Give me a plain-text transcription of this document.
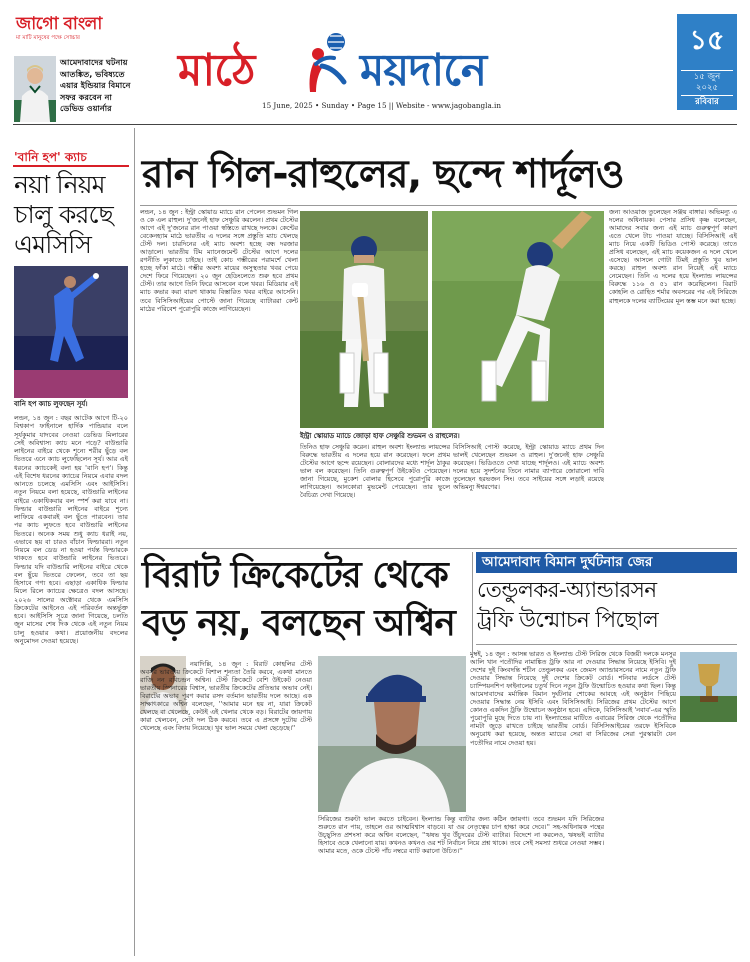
জাগো বাংলা
মা মাটি মানুষের পক্ষে সোচ্চার
আমেদাবাদের ঘটনায় আতঙ্কিত, ভবিষ্যতে এয়ার ইন্ডিয়ার বিমানে সফর করবেন না ডেভিড ওয়ার্নার
মাঠে ময়দানে
15 June, 2025 • Sunday • Page 15 || Website - www.jagobangla.in
১৫
১৫ জুন ২০২৫
রবিবার
'বানি হপ' ক্যাচ
নয়া নিয়ম চালু করছে এমসিসি
বানি হপ ক্যাচ লুফছেন সূর্য।
লন্ডন, ১৪ জুন : বছর আটেক আগে টি-২০ বিশ্বকাপ ফাইনালে হার্দিক পান্ডিয়ার বলে সূর্যকুমার যাদবের নেওয়া ডেভিড মিলারের সেই অবিশ্বাস্য ক্যাচ মনে পড়ে? বাউন্ডারি লাইনের বাইরে থেকে শূন্যে শরীর ছুঁড়ে বল ভিতরে এনে ক্যাচ লুফেছিলেন সূর্য। আর এই ধরনের ক্যাচকেই বলা হয় 'বানি হপ'। কিন্তু এই বিশেষ ধরনের ক্যাচের নিয়মে এবার বদল আনতে চলেছে এমসিসি এবং আইসিসি। নতুন নিয়মে বলা হয়েছে, বাউন্ডারি লাইনের বাইরে একাধিকবার বল স্পর্শ করা যাবে না। ফিল্ডার বাউন্ডারি লাইনের বাইরে শূন্যে লাফিয়ে একবারই বল ছুঁতে পারবেন। তার পর ক্যাচ লুফতে হবে বাউন্ডারি লাইনের ভিতরে। অনেক সময় শুধু ক্যাচ ধরাই নয়, এভাবে ছয় বা চারও বাঁচান ফিল্ডাররা। নতুন নিয়মে বল ডেড না হওয়া পর্যন্ত ফিল্ডারকে থাকতে হবে বাউন্ডারি লাইনের ভিতরে। ফিল্ডার যদি বাউন্ডারি লাইনের বাইরে থেকে বল ছুঁয়ে ভিতরে ফেলেন, তবে তা ছয় হিসাবে গণ্য হবে। এছাড়া একাধিক ফিল্ডার মিলে রিলে ক্যাচের ক্ষেত্রেও বদল আসছে। ২০২৬ সালের অক্টোবর থেকে এমসিসি ক্রিকেটের আইনেও এই পরিবর্তন অন্তর্ভুক্ত হবে। আইসিসি সূত্রে জানা গিয়েছে, চলতি জুন মাসের শেষ দিক থেকে এই নতুন নিয়ম চালু হওয়ার কথা। প্রয়োজনীয় বদলের অনুমোদন দেওয়া হয়েছে।
রান গিল-রাহুলের, ছন্দে শার্দূলও
লন্ডন, ১৪ জুন : ইন্ট্রা স্কোয়াড ম্যাচে রান পেলেন শুভমন গিল ও কে এল রাহুল। দু'জনেই হাফ সেঞ্চুরি করলেন। প্রথম টেস্টের আগে এই দু'জনের রান পাওয়া স্বস্তিতে রাখছে দলকে। কেন্টের বেকেনহ্যাম মাঠে ভারতীয় এ দলের সঙ্গে প্রস্তুতি ম্যাচ খেলছে টেস্ট দল। চারদিনের এই ম্যাচ অবশ্য হচ্ছে বন্ধ দরজার আড়ালে। ভারতীয় টিম ম্যানেজমেন্ট টেস্টের আগে দলের রণনীতি লুকাতে চাইছে। তাই কোচ গম্ভীরের পরামর্শে খেলা হচ্ছে ফাঁকা মাঠে। গম্ভীর অবশ্য মায়ের অসুস্থতার খবর পেয়ে দেশে ফিরে গিয়েছেন। ২০ জুন হেডিংলেতে শুরু হবে প্রথম টেস্ট। তার আগে তিনি ফিরে আসবেন বলে খবর। মিডিয়ার এই ম্যাচ কভার করা বারণ থাকায় বিস্তারিত খবর বাইরে আসেনি। তবে বিসিসিআইয়ের পোস্টে জানা গিয়েছে ব্যাটাররা কেন্ট মাঠের পরিবেশ পুরোপুরি কাজে লাগিয়েছেন।
ইন্ট্রা স্কোয়াড ম্যাচে জোড়া হাফ সেঞ্চুরি শুভমন ও রাহুলের।
তিনিও হাফ সেঞ্চুরি করেন। রাহুল অবশ্য ইংল্যান্ড লায়ন্সের বিরুদ্ধে ভারতীয় এ দলের হয়ে রান করেছেন। ফলে প্রথম টেস্টের আগে ছন্দে রয়েছেন। বোলারদের মধ্যে শার্দূল ঠাকুর ভাল বল করেছেন। তিনি গুরুত্বপূর্ণ উইকেটও পেয়েছেন। জানা গিয়েছে, মুকেশ বোলার হিসেবে পুরোপুরি কাজে লাগিয়েছেন। আনকোরা মুভমেন্ট পেয়েছেন। তার ভুলে বৈচিত্র্য দেখা গিয়েছে।
বিসিসিআই পোস্ট করেছে, ইন্ট্রা স্কোয়াড ম্যাচে প্রথম দিন ভালই খেলেছেন শুভমন ও রাহুল। দু'জনেই হাফ সেঞ্চুরি করেছেন। ভিডিওতে দেখা যাচ্ছে শার্দূলও। এই ম্যাচে অবশ্য দলের হয়ে সুদর্শনের তিনে নামার ব্যাপারে জোরালো দাবি তুলেছেন হরভজন সিং। তবে সাইয়ের সঙ্গে লড়াই রয়েছে অভিমন্যু ঈশ্বরণের।
জন্য আওয়াজ তুলেছেন সঞ্জয় বাঙ্গার। অভিমন্যু এ দলের অধিনায়ক। পেসার প্রসিধ কৃষ্ণ বলেছেন, আমাদের সবার জন্য এই ম্যাচ গুরুত্বপূর্ণ কারণ এতে খেলে টাচ পাওয়া যাচ্ছে। বিসিসিআই এই ম্যাচ নিয়ে একটি ভিডিও পোস্ট করেছে। তাতে প্রসিধ বলেছেন, এই ম্যাচ কয়েকজন এ দলে খেলে এসেছে। আসলে গোটা টিমই প্রস্তুতি খুব ভাল করছে। রাহুল অবশ্য রান নিয়েই এই ম্যাচে নেমেছেন। তিনি এ দলের হয়ে ইংল্যান্ড লায়ন্সের বিরুদ্ধে ১১৬ ও ৫১ রান করেছিলেন। বিরাট কোহলি ও রোহিত শর্মার অবসরের পর এই সিরিজে রাহুলকে দলের ব্যাটিংয়ের মূল স্তম্ভ মনে করা হচ্ছে।
বিরাট ক্রিকেটের থেকে
বড় নয়, বলছেন অশ্বিন
নয়াদিল্লি, ১৪ জুন : বিরাট কোহলির টেস্ট অবসর ভারতীয় ক্রিকেটে বিশাল শূন্যতা তৈরি করবে, একথা মানতে রাজি নন রবিচন্দ্রন অশ্বিন। টেস্ট ক্রিকেটে বেশি উইকেট নেওয়া ভারতীয় স্পিনারের বিশ্বাস, ভারতীয় ক্রিকেটের প্রতিভার অভাব নেই। বিরাটের অভাব পূরণ করার রসদ বর্তমান ভারতীয় দলে আছে। এক সাক্ষাৎকারে অশ্বিন বলেছেন, ''আমার মনে হয় না, যারা ক্রিকেট খেলছে বা খেলেছে, কেউই এই খেলার থেকে বড়। বিরাটের জায়গায় কারা খেলবেন, সেটা দল ঠিক করবে। তবে এ প্রসঙ্গে দুটোয় টেস্ট খেলেছে এবং বিদায় নিয়েছে। খুব ভাল সময়ে খেলা ছেড়েছে।''
সিরিজের শুরুটা ভাল করতে চাইবেন। ইংল্যান্ড কিন্তু ব্যাটার জন্য কঠিন জায়গা। তবে শুভমন যদি সিরিজের শুরুতে রান পায়, তাহলে ওর আত্মবিশ্বাস বাড়বে। যা ওর নেতৃত্বের চাপ হাল্কা করে দেবে।'' সহ-অধিনায়ক পন্থের উচ্ছ্বসিত প্রশংসা করে অশ্বিন বলেছেন, ''ঋষভ খুব উঁচুদরের টেস্ট ব্যাটার। বিদেশে না করলেও, ঋষভই ব্যাটার হিসাবে ওকে খেলানো যায়। কখনও কখনও ওর শট নির্বাচন নিয়ে প্রশ্ন থাকে। তবে সেই সমস্যা শুধরে নেওয়া সম্ভব। আমার মতে, ওকে টেস্টে পাঁচ নম্বরে ব্যাট করানো উচিত।''
আমেদাবাদ বিমান দুর্ঘটনার জের
তেন্ডুলকর-অ্যান্ডারসন
ট্রফি উন্মোচন পিছোল
মুম্বই, ১৪ জুন : আসন্ন ভারত ও ইংল্যান্ড টেস্ট সিরিজ থেকে বিজয়ী দলকে মনসুর আলি খান পতৌদির নামাঙ্কিত ট্রফি আর না দেওয়ার সিদ্ধান্ত নিয়েছে ইসিবি। দুই দেশের দুই কিংবদন্তি শচীন তেন্ডুলকর এবং জেমস অ্যান্ডারসনের নামে নতুন ট্রফি দেওয়ার সিদ্ধান্ত নিয়েছে দুই দেশের ক্রিকেট বোর্ড। শনিবার লর্ডসে টেস্ট চ্যাম্পিয়নশিপ ফাইনালের চতুর্থ দিনে নতুন ট্রফি উন্মোচিত হওয়ার কথা ছিল। কিন্তু আমেদাবাদের মর্মান্তিক বিমান দুর্ঘটনার শোকের আবহে এই অনুষ্ঠান পিছিয়ে দেওয়ার সিদ্ধান্ত নেয় ইসিবি এবং বিসিসিআই। সিরিজের প্রথম টেস্টের আগে কোনও একদিন ট্রফি উন্মোচন অনুষ্ঠান হবে। এদিকে, বিসিসিআই 'নবাব'-এর স্মৃতি পুরোপুরি মুছে দিতে চায় না। ইংল্যান্ডের মাটিতে এবারের সিরিজ থেকে পতৌদির নামটা জুড়ে রাখতে চাইছে ভারতীয় বোর্ড। বিসিসিআইয়ের তরফে ইসিবিকে অনুরোধ করা হয়েছে, অন্তত ম্যাচের সেরা বা সিরিজের সেরা পুরস্কারটা যেন পতৌদির নামে দেওয়া হয়।
